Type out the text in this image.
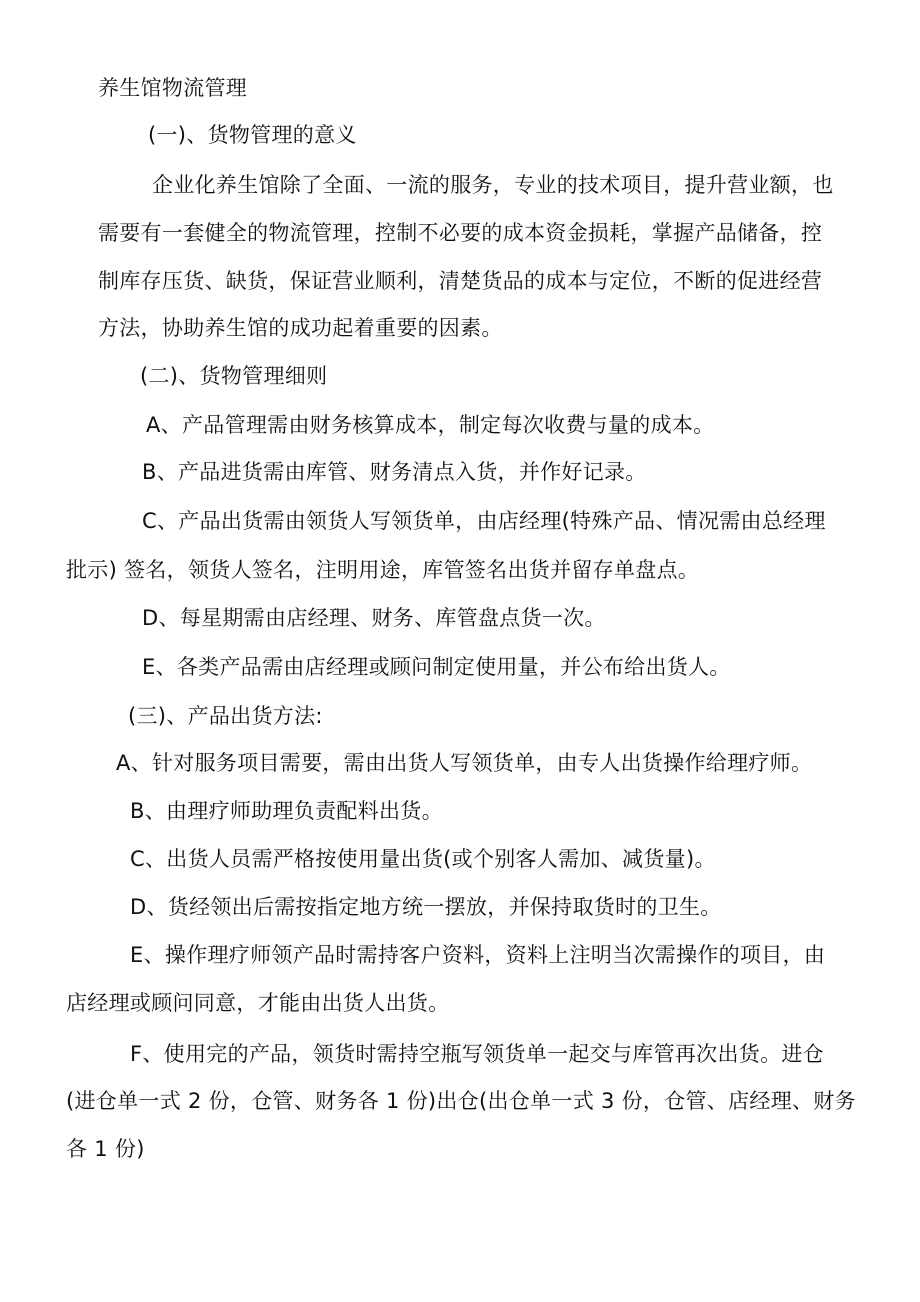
养生馆物流管理
(一)、货物管理的意义
企业化养生馆除了全面、一流的服务，专业的技术项目，提升营业额，也
需要有一套健全的物流管理，控制不必要的成本资金损耗，掌握产品储备，控
制库存压货、缺货，保证营业顺利，清楚货品的成本与定位，不断的促进经营
方法，协助养生馆的成功起着重要的因素。
(二)、货物管理细则
A、产品管理需由财务核算成本，制定每次收费与量的成本。
B、产品进货需由库管、财务清点入货，并作好记录。
C、产品出货需由领货人写领货单，由店经理(特殊产品、情况需由总经理
批示) 签名，领货人签名，注明用途，库管签名出货并留存单盘点。
D、每星期需由店经理、财务、库管盘点货一次。
E、各类产品需由店经理或顾问制定使用量，并公布给出货人。
(三)、产品出货方法:
A、针对服务项目需要，需由出货人写领货单，由专人出货操作给理疗师。
B、由理疗师助理负责配料出货。
C、出货人员需严格按使用量出货(或个别客人需加、减货量)。
D、货经领出后需按指定地方统一摆放，并保持取货时的卫生。
E、操作理疗师领产品时需持客户资料，资料上注明当次需操作的项目，由
店经理或顾问同意，才能由出货人出货。
F、使用完的产品，领货时需持空瓶写领货单一起交与库管再次出货。进仓
(进仓单一式 2 份，仓管、财务各 1 份)出仓(出仓单一式 3 份，仓管、店经理、财务
各 1 份)
